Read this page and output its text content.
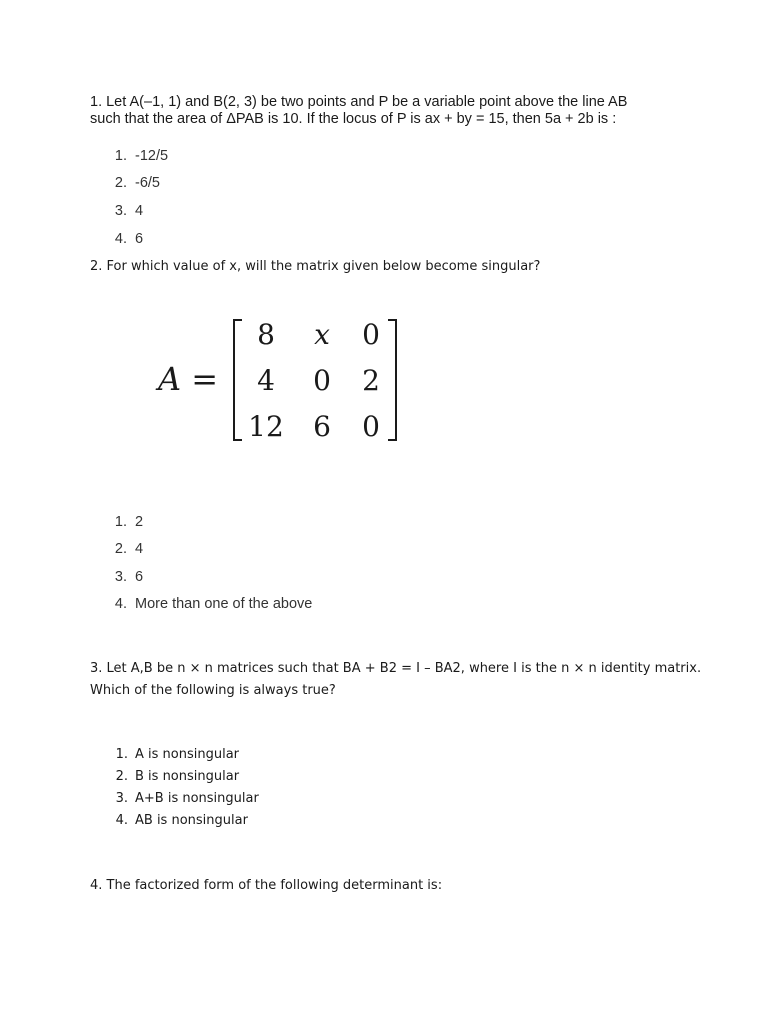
1. Let A(–1, 1) and B(2, 3) be two points and P be a variable point above the line AB
such that the area of ΔPAB is 10. If the locus of P is ax + by = 15, then 5a + 2b is :
1. -12/5
2. -6/5
3. 4
4. 6
2. For which value of x, will the matrix given below become singular?
A =
8	x	0
4	0	2
12	6	0
1. 2
2. 4
3. 6
4. More than one of the above
3. Let A,B be n × n matrices such that BA + B2 = I – BA2, where I is the n × n identity matrix.
Which of the following is always true?
1. A is nonsingular
2. B is nonsingular
3. A+B is nonsingular
4. AB is nonsingular
4. The factorized form of the following determinant is:
